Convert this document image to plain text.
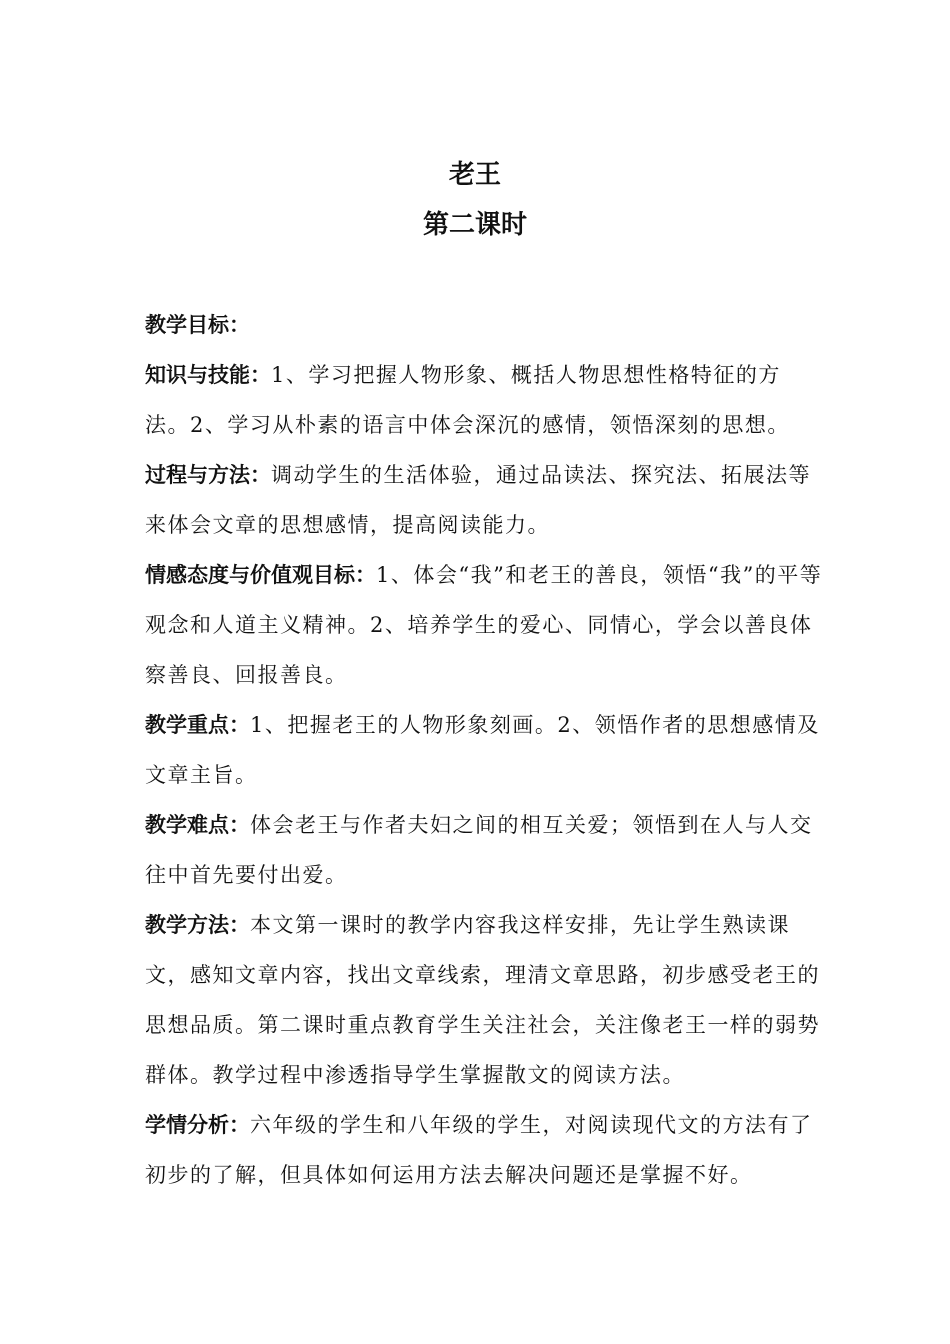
老王
第二课时

教学目标：

知识与技能：1、学习把握人物形象、概括人物思想性格特征的方法。2、学习从朴素的语言中体会深沉的感情，领悟深刻的思想。

过程与方法：调动学生的生活体验，通过品读法、探究法、拓展法等来体会文章的思想感情，提高阅读能力。

情感态度与价值观目标：1、体会“我”和老王的善良，领悟“我”的平等观念和人道主义精神。2、培养学生的爱心、同情心，学会以善良体察善良、回报善良。

教学重点：1、把握老王的人物形象刻画。2、领悟作者的思想感情及文章主旨。

教学难点：体会老王与作者夫妇之间的相互关爱；领悟到在人与人交往中首先要付出爱。

教学方法：本文第一课时的教学内容我这样安排，先让学生熟读课文，感知文章内容，找出文章线索，理清文章思路，初步感受老王的思想品质。第二课时重点教育学生关注社会，关注像老王一样的弱势群体。教学过程中渗透指导学生掌握散文的阅读方法。

学情分析：六年级的学生和八年级的学生，对阅读现代文的方法有了初步的了解，但具体如何运用方法去解决问题还是掌握不好。
